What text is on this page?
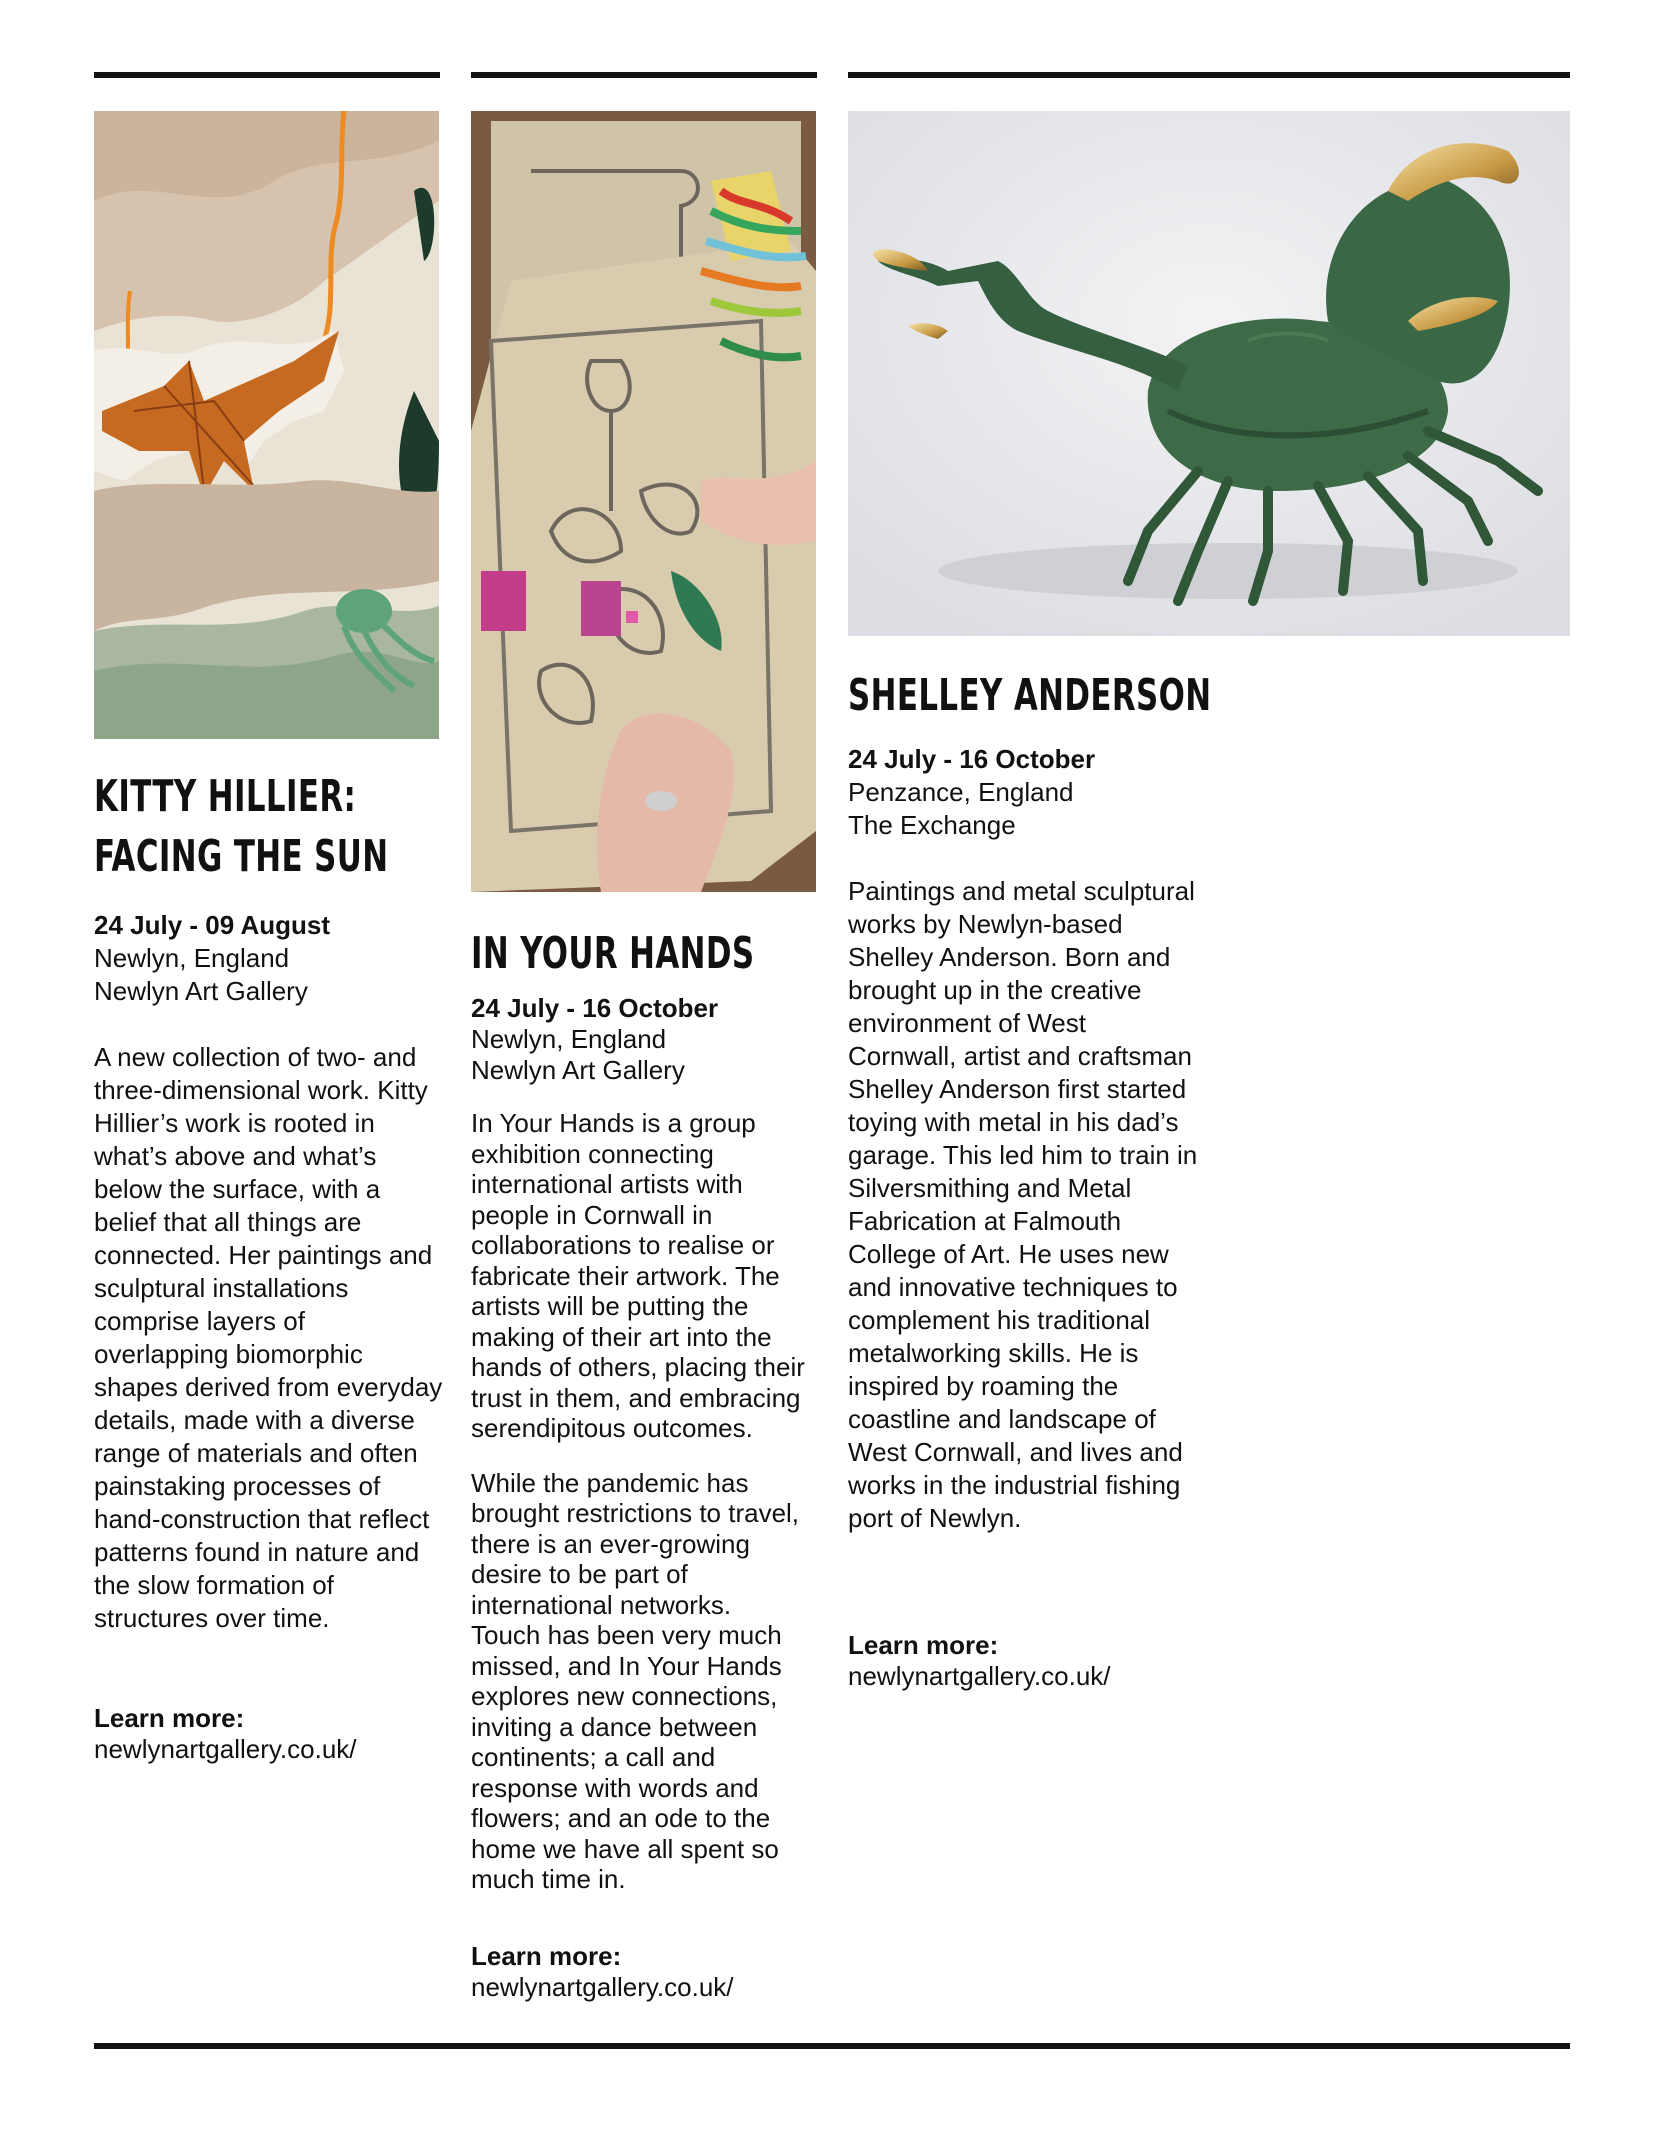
KITTY HILLIER:
FACING THE SUN
24 July - 09 August
Newlyn, England
Newlyn Art Gallery

A new collection of two- and three-dimensional work. Kitty Hillier’s work is rooted in what’s above and what’s below the surface, with a belief that all things are connected. Her paintings and sculptural installations comprise layers of overlapping biomorphic shapes derived from everyday details, made with a diverse range of materials and often painstaking processes of hand-construction that reflect patterns found in nature and the slow formation of structures over time.

Learn more:
newlynartgallery.co.uk/
IN YOUR HANDS
24 July - 16 October
Newlyn, England
Newlyn Art Gallery

In Your Hands is a group exhibition connecting international artists with people in Cornwall in collaborations to realise or fabricate their artwork. The artists will be putting the making of their art into the hands of others, placing their trust in them, and embracing serendipitous outcomes.

While the pandemic has brought restrictions to travel, there is an ever-growing desire to be part of international networks. Touch has been very much missed, and In Your Hands explores new connections, inviting a dance between continents; a call and response with words and flowers; and an ode to the home we have all spent so much time in.

Learn more:
newlynartgallery.co.uk/
SHELLEY ANDERSON
24 July - 16 October
Penzance, England
The Exchange

Paintings and metal sculptural works by Newlyn-based Shelley Anderson. Born and brought up in the creative environment of West Cornwall, artist and craftsman Shelley Anderson first started toying with metal in his dad’s garage. This led him to train in Silversmithing and Metal Fabrication at Falmouth College of Art. He uses new and innovative techniques to complement his traditional metalworking skills. He is inspired by roaming the coastline and landscape of West Cornwall, and lives and works in the industrial fishing port of Newlyn.

Learn more:
newlynartgallery.co.uk/
